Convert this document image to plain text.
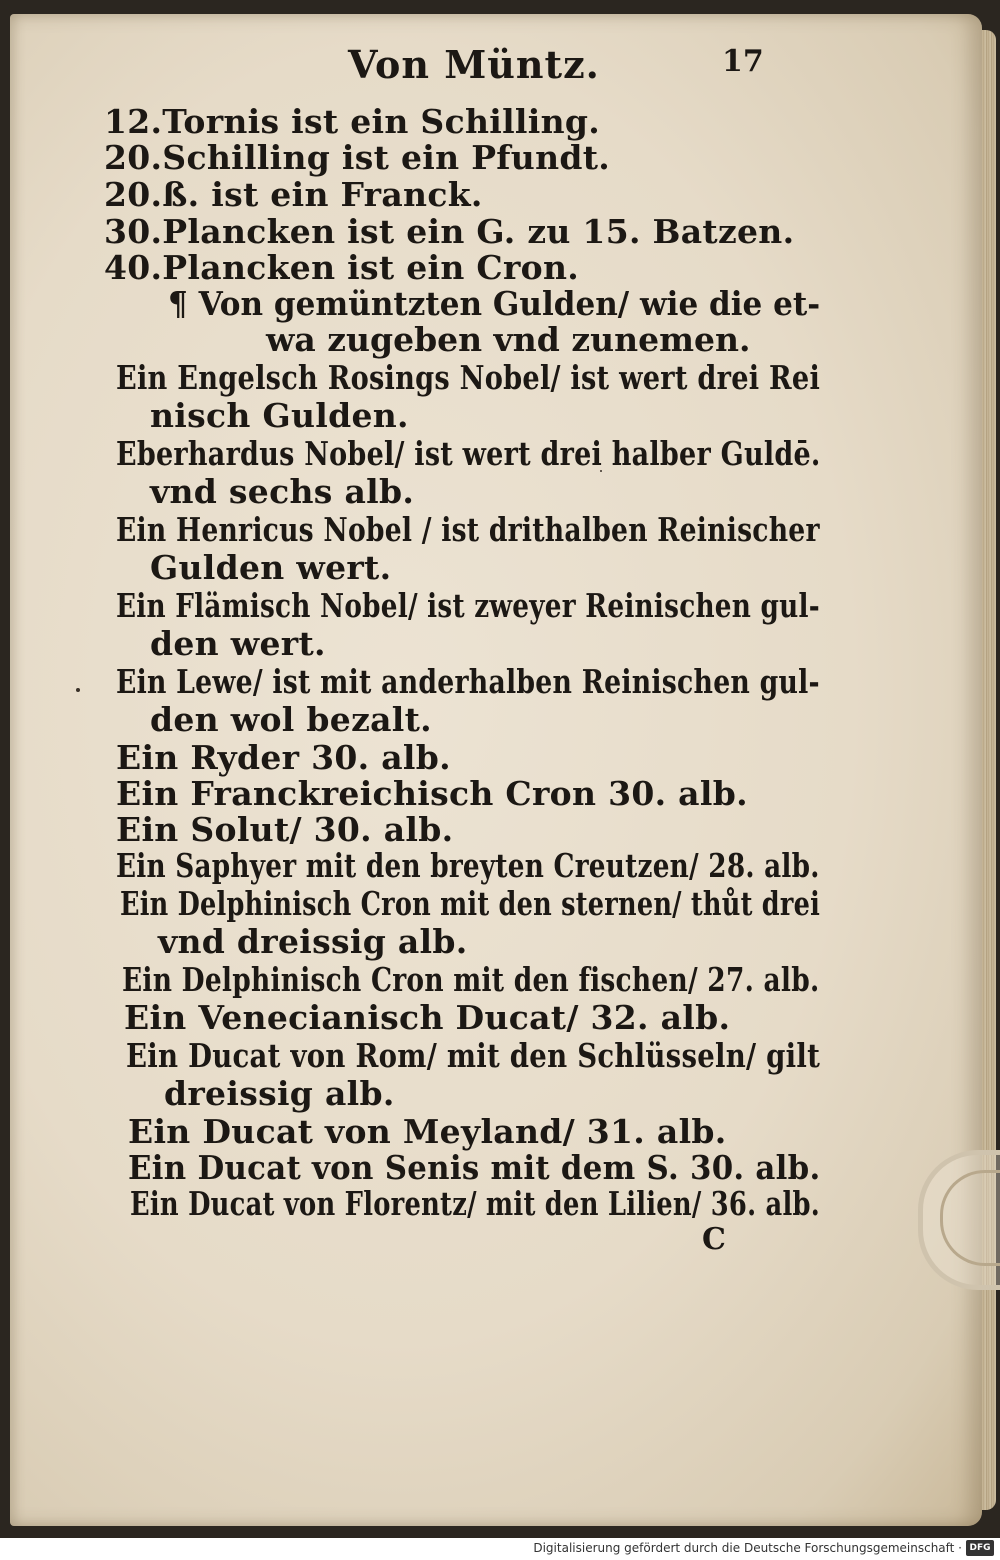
Von Müntz.	17
12.Tornis ist ein Schilling.
20.Schilling ist ein Pfundt.
20.ß. ist ein Franck.
30.Plancken ist ein G. zu 15. Batzen.
40.Plancken ist ein Cron.
¶ Von gemüntzten Gulden/ wie die et-
wa zugeben vnd zunemen.
Ein Engelsch Rosings Nobel/ ist wert drei Rei
nisch Gulden.
Eberhardus Nobel/ ist wert drei halber Guldē.
vnd sechs alb.
Ein Henricus Nobel / ist drithalben Reinischer
Gulden wert.
Ein Flämisch Nobel/ ist zweyer Reinischen gul-
den wert.
Ein Lewe/ ist mit anderhalben Reinischen gul-
den wol bezalt.
Ein Ryder 30. alb.
Ein Franckreichisch Cron 30. alb.
Ein Solut/ 30. alb.
Ein Saphyer mit den breyten Creutzen/ 28. alb.
Ein Delphinisch Cron mit den sternen/ thůt drei
vnd dreissig alb.
Ein Delphinisch Cron mit den fischen/ 27. alb.
Ein Venecianisch Ducat/ 32. alb.
Ein Ducat von Rom/ mit den Schlüsseln/ gilt
dreissig alb.
Ein Ducat von Meyland/ 31. alb.
Ein Ducat von Senis mit dem S. 30. alb.
Ein Ducat von Florentz/ mit den Lilien/ 36. alb.
C
Digitalisierung gefördert durch die Deutsche Forschungsgemeinschaft · DFG
